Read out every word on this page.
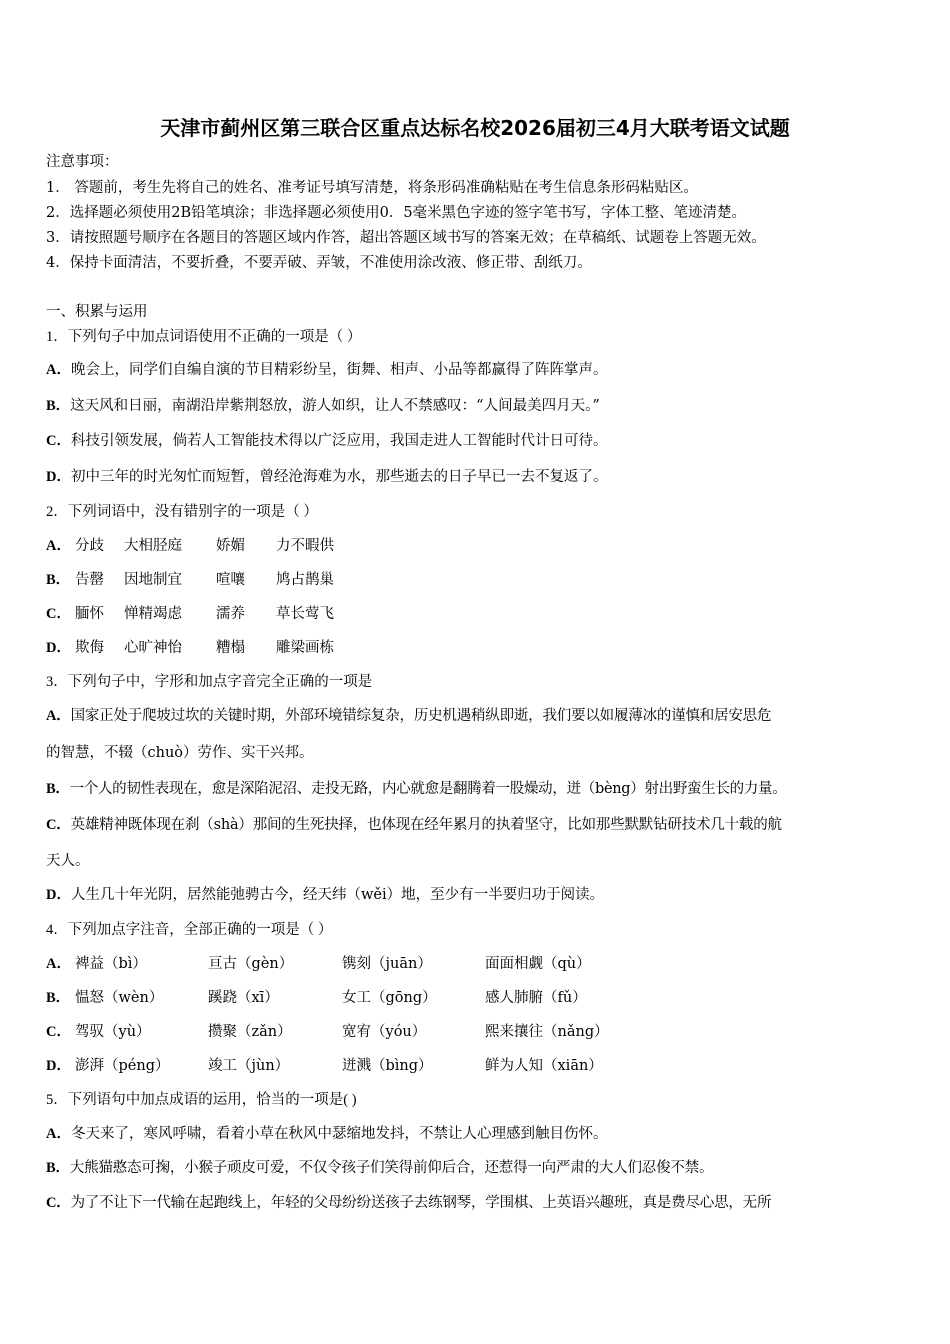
天津市蓟州区第三联合区重点达标名校2026届初三4月大联考语文试题
注意事项：
1． 答题前，考生先将自己的姓名、准考证号填写清楚，将条形码准确粘贴在考生信息条形码粘贴区。
2．选择题必须使用2B铅笔填涂；非选择题必须使用0．5毫米黑色字迹的签字笔书写，字体工整、笔迹清楚。
3．请按照题号顺序在各题目的答题区域内作答，超出答题区域书写的答案无效；在草稿纸、试题卷上答题无效。
4．保持卡面清洁，不要折叠，不要弄破、弄皱，不准使用涂改液、修正带、刮纸刀。
一、积累与运用
1．下列句子中加点词语使用不正确的一项是（ ）
A．晚会上，同学们自编自演的节目精彩纷呈，街舞、相声、小品等都赢得了阵阵掌声。
B．这天风和日丽，南湖沿岸紫荆怒放，游人如织，让人不禁感叹：“人间最美四月天。”
C．科技引领发展，倘若人工智能技术得以广泛应用，我国走进人工智能时代计日可待。
D．初中三年的时光匆忙而短暂，曾经沧海难为水，那些逝去的日子早已一去不复返了。
2．下列词语中，没有错别字的一项是（ ）
A． 分歧 大相胫庭 娇媚 力不暇供
B． 告罄 因地制宜 喧嚷 鸠占鹊巢
C． 腼怀 惮精竭虑 濡养 草长莺飞
D． 欺侮 心旷神怡 糟榻 雕梁画栋
3．下列句子中，字形和加点字音完全正确的一项是
A．国家正处于爬坡过坎的关键时期，外部环境错综复杂，历史机遇稍纵即逝，我们要以如履薄冰的谨慎和居安思危
的智慧，不辍（chuò）劳作、实干兴邦。
B．一个人的韧性表现在，愈是深陷泥沼、走投无路，内心就愈是翻腾着一股燥动，迸（bèng）射出野蛮生长的力量。
C．英雄精神既体现在刹（shà）那间的生死抉择，也体现在经年累月的执着坚守，比如那些默默钻研技术几十载的航
天人。
D．人生几十年光阴，居然能弛骋古今，经天纬（wěi）地，至少有一半要归功于阅读。
4．下列加点字注音，全部正确的一项是（ ）
A． 裨益（bì）	亘古（gèn）	镌刻（juān）	面面相觑（qù）
B． 愠怒（wèn）	蹊跷（xī）	女工（gōng）	感人肺腑（fǔ）
C． 驾驭（yù）	攒聚（zǎn）	宽宥（yóu）	熙来攘往（nǎng）
D． 澎湃（péng）	竣工（jùn）	迸溅（bìng）	鲜为人知（xiān）
5．下列语句中加点成语的运用，恰当的一项是( )
A．冬天来了，寒风呼啸，看着小草在秋风中瑟缩地发抖，不禁让人心理感到触目伤怀。
B．大熊猫憨态可掬，小猴子顽皮可爱，不仅令孩子们笑得前仰后合，还惹得一向严肃的大人们忍俊不禁。
C．为了不让下一代输在起跑线上，年轻的父母纷纷送孩子去练钢琴，学围棋、上英语兴趣班，真是费尽心思，无所
